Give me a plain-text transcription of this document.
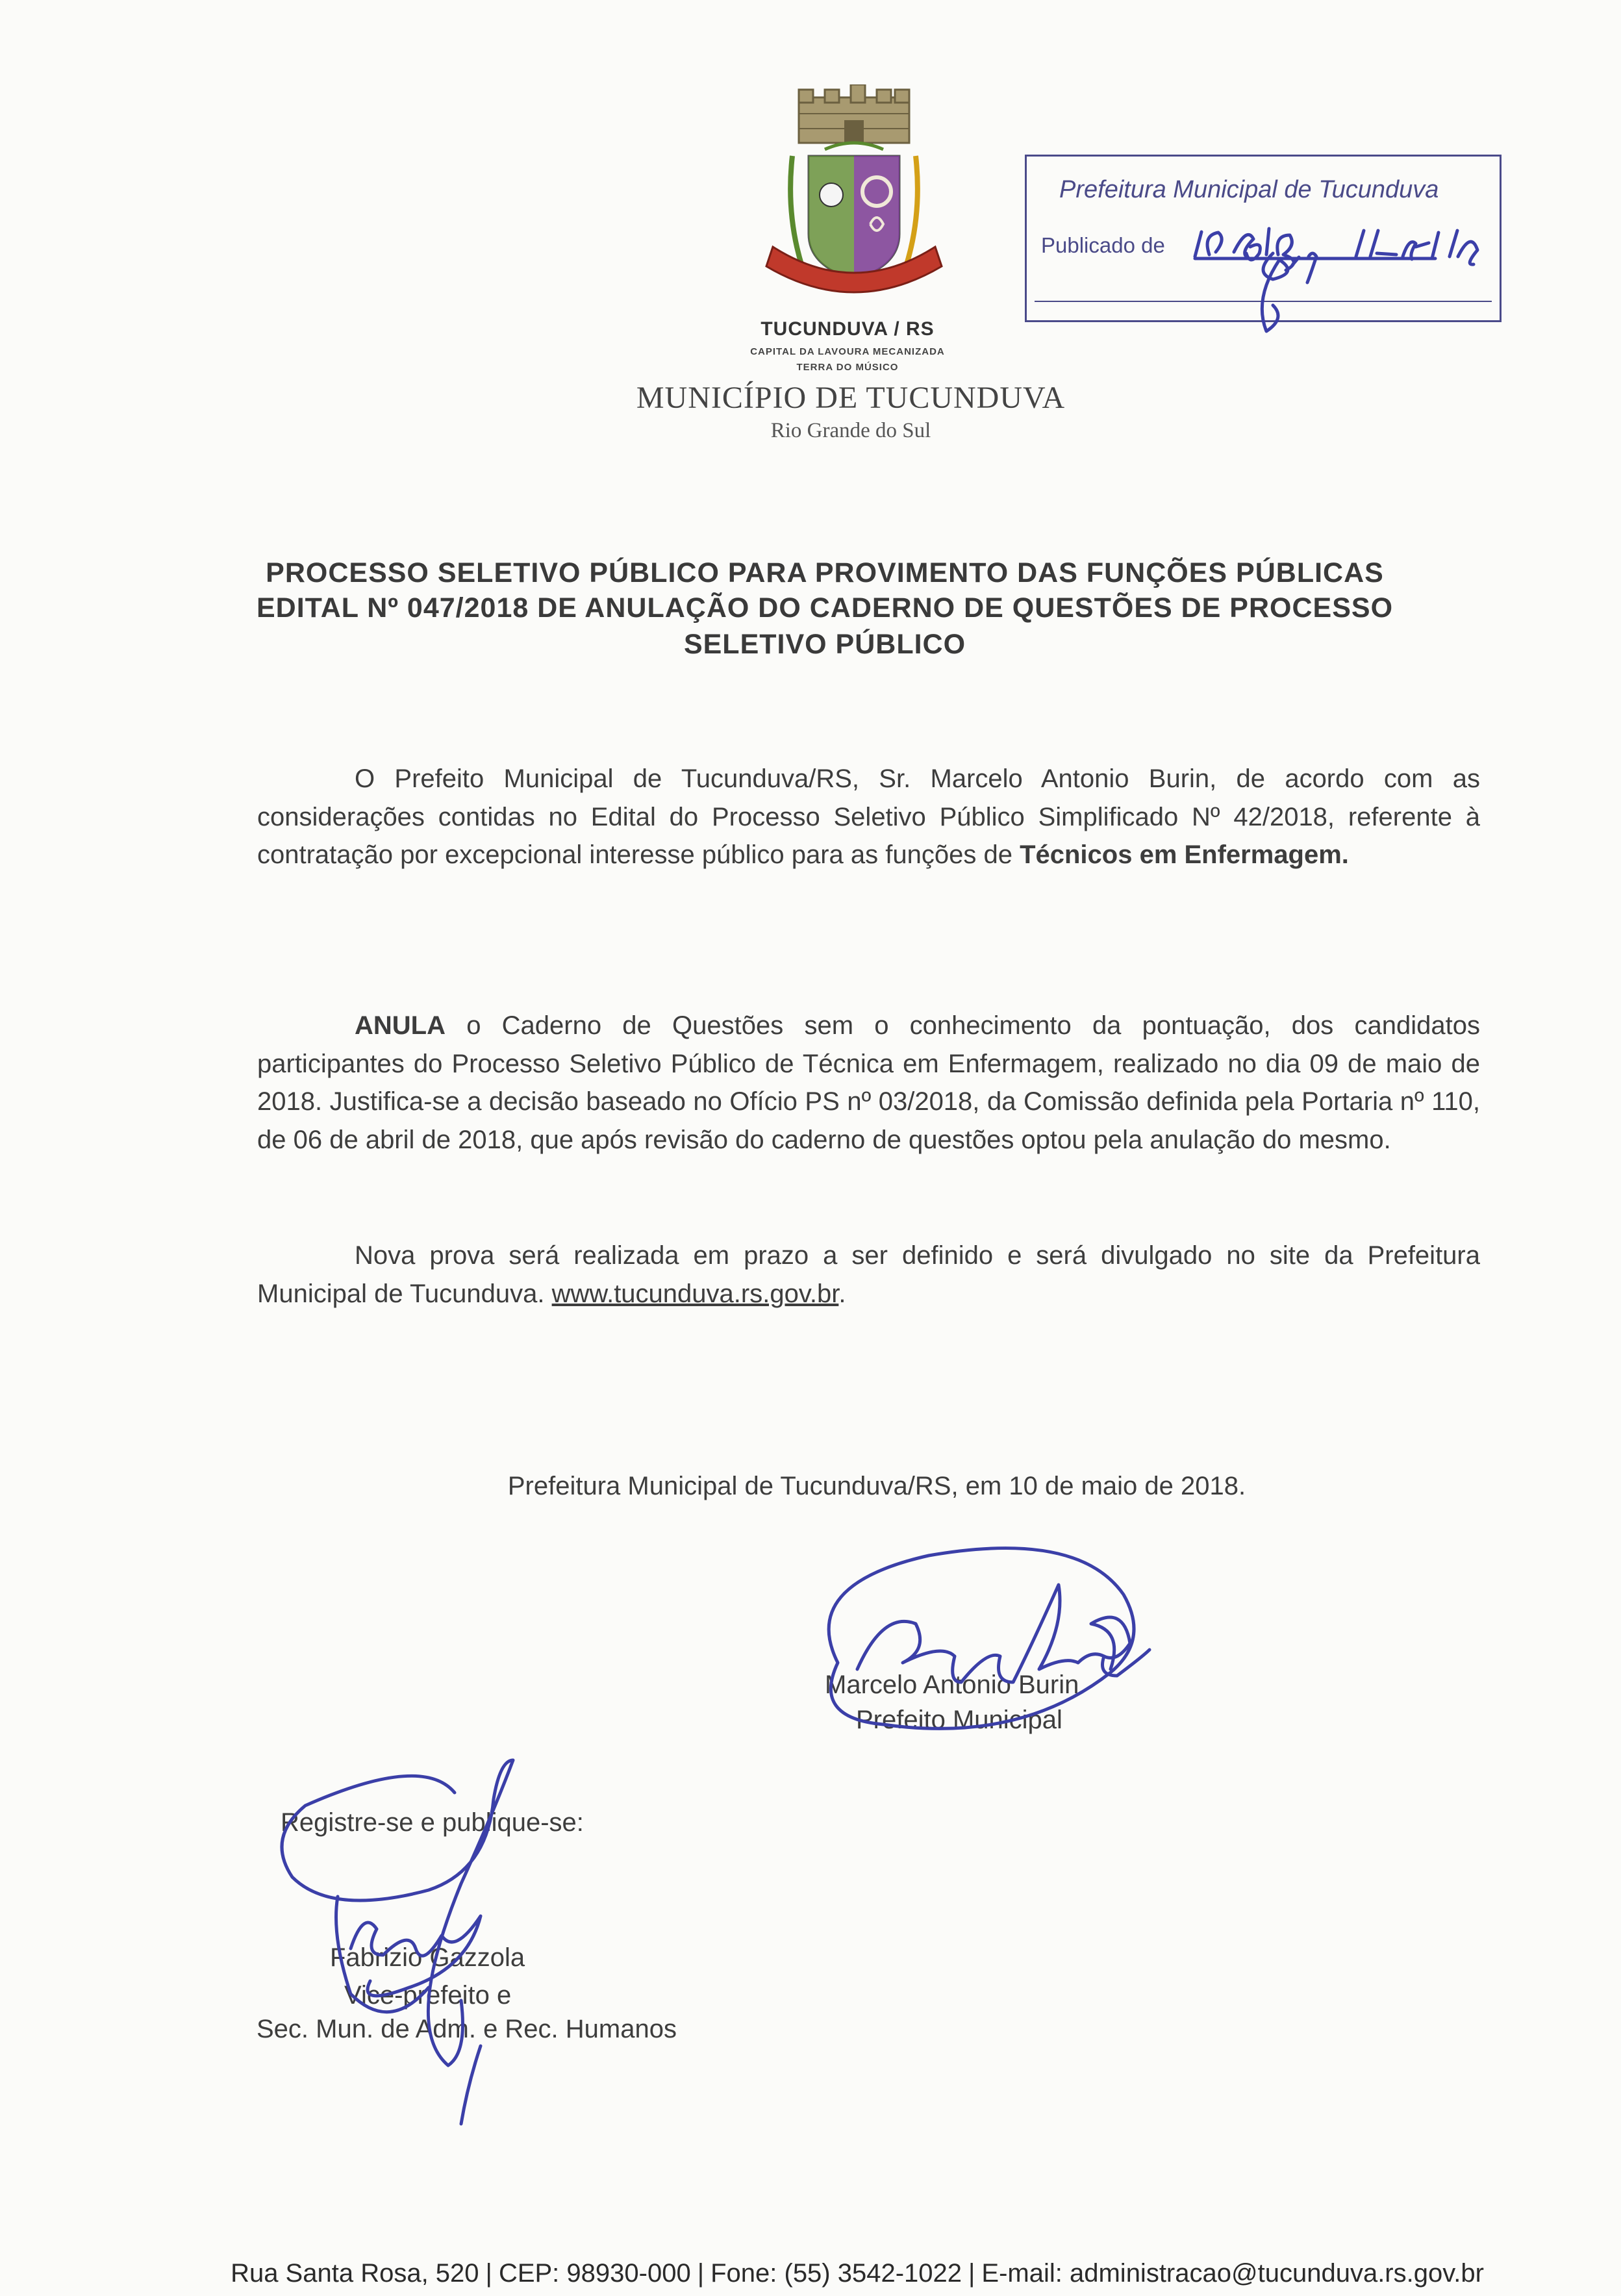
TUCUNDUVA / RS
CAPITAL DA LAVOURA MECANIZADA
TERRA DO MÚSICO
MUNICÍPIO DE TUCUNDUVA
Rio Grande do Sul
Prefeitura Municipal de Tucunduva
Publicado de
PROCESSO SELETIVO PÚBLICO PARA PROVIMENTO DAS FUNÇÕES PÚBLICAS
EDITAL Nº 047/2018 DE ANULAÇÃO DO CADERNO DE QUESTÕES DE PROCESSO
SELETIVO PÚBLICO

O Prefeito Municipal de Tucunduva/RS, Sr. Marcelo Antonio Burin, de acordo com as considerações contidas no Edital do Processo Seletivo Público Simplificado Nº 42/2018, referente à contratação por excepcional interesse público para as funções de Técnicos em Enfermagem.

ANULA o Caderno de Questões sem o conhecimento da pontuação, dos candidatos participantes do Processo Seletivo Público de Técnica em Enfermagem, realizado no dia 09 de maio de 2018. Justifica-se a decisão baseado no Ofício PS nº 03/2018, da Comissão definida pela Portaria nº 110, de 06 de abril de 2018, que após revisão do caderno de questões optou pela anulação do mesmo.

Nova prova será realizada em prazo a ser definido e será divulgado no site da Prefeitura Municipal de Tucunduva. www.tucunduva.rs.gov.br.

Prefeitura Municipal de Tucunduva/RS, em 10 de maio de 2018.
Marcelo Antonio Burin
Prefeito Municipal
Registre-se e publique-se:
Fabrizio Gazzola
Vice-prefeito e
Sec. Mun. de Adm. e Rec. Humanos
Rua Santa Rosa, 520 | CEP: 98930-000 | Fone: (55) 3542-1022 | E-mail: administracao@tucunduva.rs.gov.br
